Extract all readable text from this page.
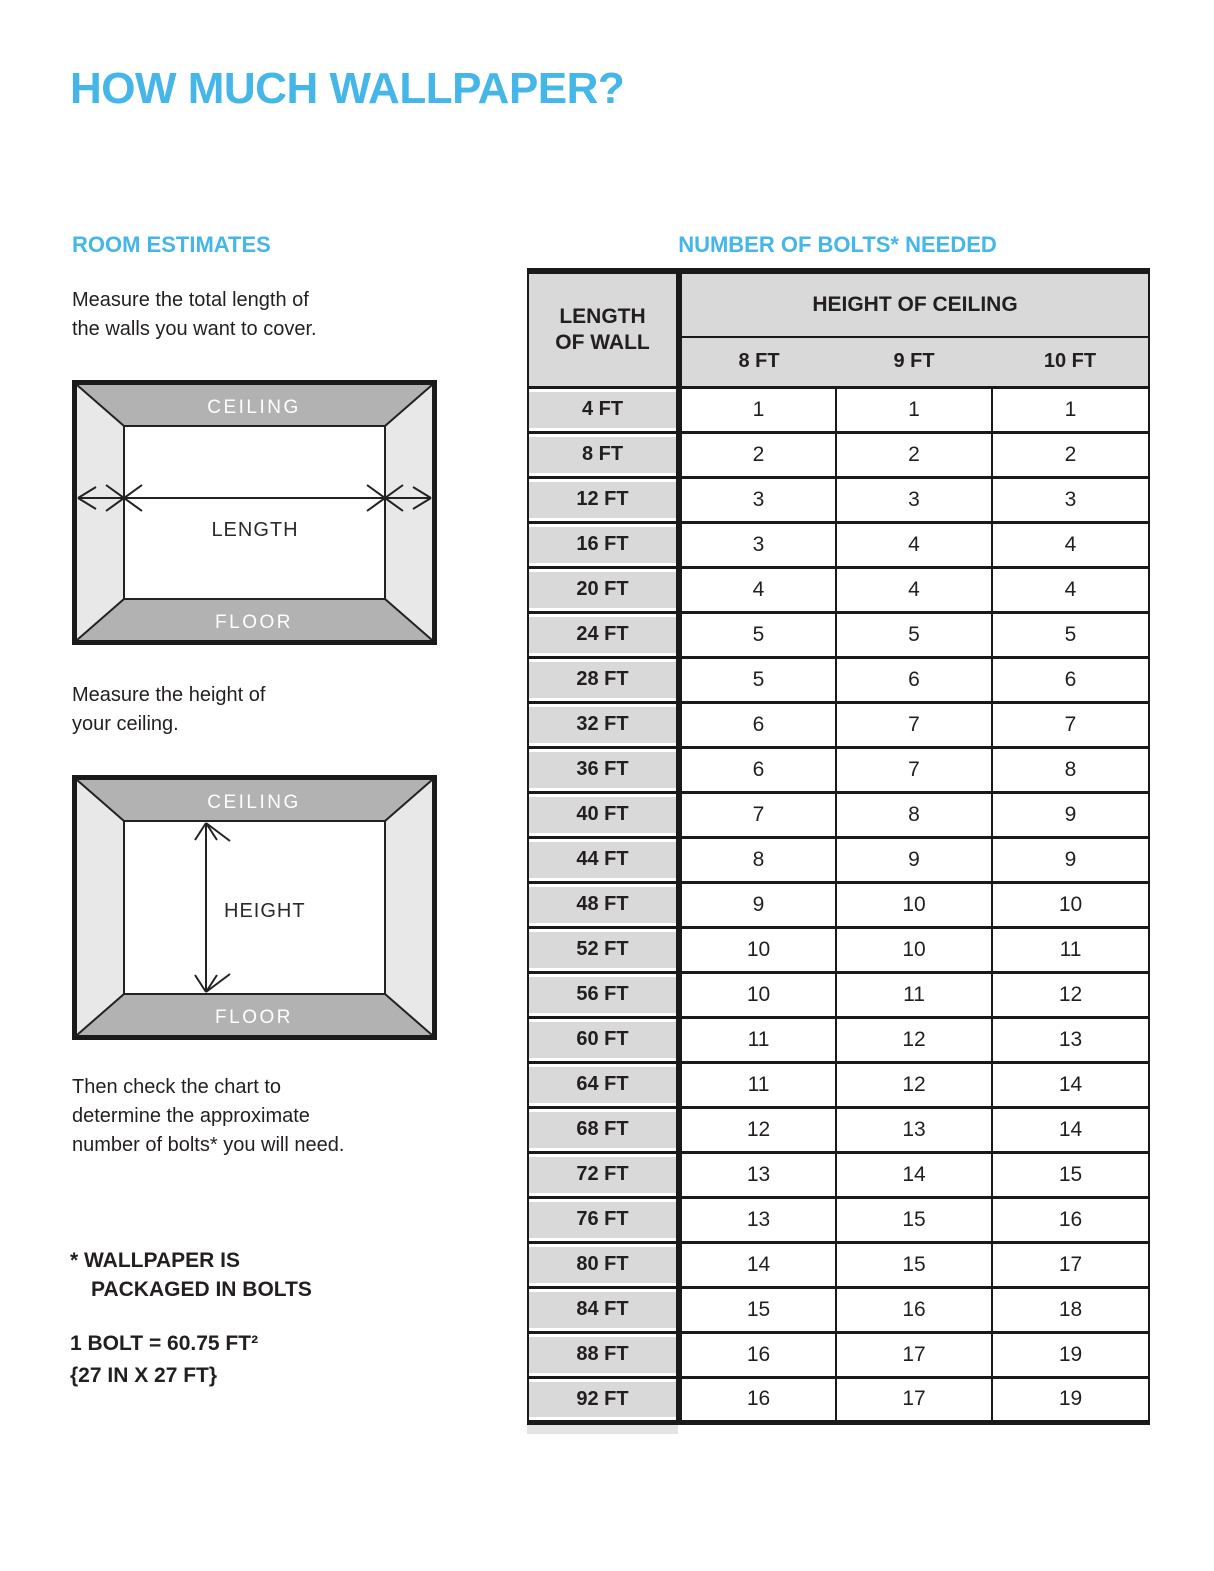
HOW MUCH WALLPAPER?
ROOM ESTIMATES
Measure the total length of
the walls you want to cover.
CEILING
FLOOR
LENGTH
Measure the height of
your ceiling.
CEILING
FLOOR
HEIGHT
Then check the chart to
determine the approximate
number of bolts* you will need.
* WALLPAPER IS
PACKAGED IN BOLTS
1 BOLT = 60.75 FT²
{27 IN X 27 FT}
NUMBER OF BOLTS* NEEDED
LENGTH OF WALL	HEIGHT OF CEILING		
	8 FT	9 FT	10 FT
4 FT	1	1	1
8 FT	2	2	2
12 FT	3	3	3
16 FT	3	4	4
20 FT	4	4	4
24 FT	5	5	5
28 FT	5	6	6
32 FT	6	7	7
36 FT	6	7	8
40 FT	7	8	9
44 FT	8	9	9
48 FT	9	10	10
52 FT	10	10	11
56 FT	10	11	12
60 FT	11	12	13
64 FT	11	12	14
68 FT	12	13	14
72 FT	13	14	15
76 FT	13	15	16
80 FT	14	15	17
84 FT	15	16	18
88 FT	16	17	19
92 FT	16	17	19
